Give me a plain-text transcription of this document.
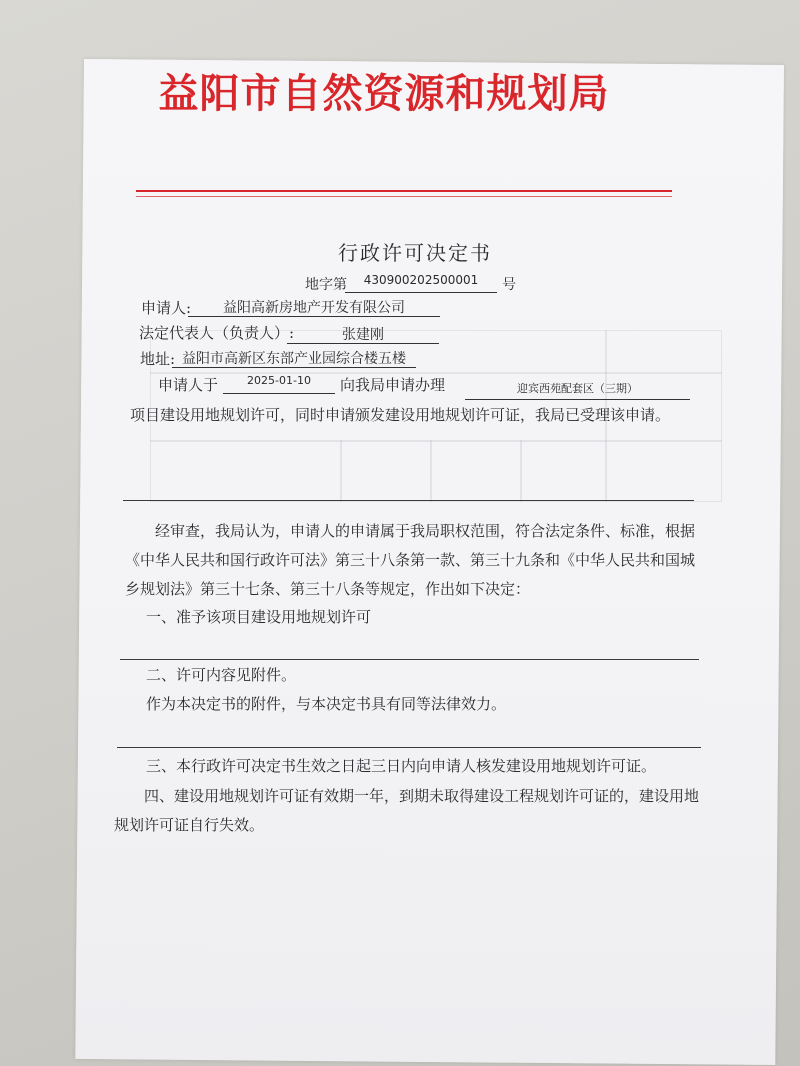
益阳市自然资源和规划局
行政许可决定书
地字第	430900202500001	号
申请人:	益阳高新房地产开发有限公司
法定代表人（负责人）:	张建刚
地址: 益阳市高新区东部产业园综合楼五楼
申请人于	2025-01-10	向我局申请办理	迎宾西苑配套区（三期）
项目建设用地规划许可，同时申请颁发建设用地规划许可证，我局已受理该申请。
经审查，我局认为，申请人的申请属于我局职权范围，符合法定条件、标准，根据《中华人民共和国行政许可法》第三十八条第一款、第三十九条和《中华人民共和国城乡规划法》第三十七条、第三十八条等规定，作出如下决定：
一、准予该项目建设用地规划许可
二、许可内容见附件。
作为本决定书的附件，与本决定书具有同等法律效力。
三、本行政许可决定书生效之日起三日内向申请人核发建设用地规划许可证。
四、建设用地规划许可证有效期一年，到期未取得建设工程规划许可证的，建设用地规划许可证自行失效。
